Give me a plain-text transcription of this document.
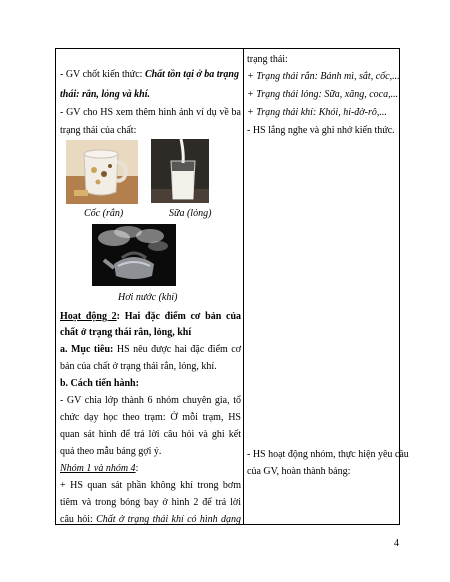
- GV chốt kiến thức: Chất tồn tại ở ba trạng
thái: rắn, lỏng và khí.
- GV cho HS xem thêm hình ảnh ví dụ về ba
trạng thái của chất:
Cốc (rắn)	Sữa (lỏng)
Hơi nước (khí)
Hoạt động 2: Hai đặc điểm cơ bản của
chất ở trạng thái rắn, lỏng, khí
a. Mục tiêu: HS nêu được hai đặc điểm cơ
bản của chất ở trạng thái rắn, lỏng, khí.
b. Cách tiến hành:
- GV chia lớp thành 6 nhóm chuyên gia, tổ
chức dạy học theo trạm: Ở mỗi trạm, HS
quan sát hình để trả lời câu hỏi và ghi kết
quả theo mẫu bảng gợi ý.
Nhóm 1 và nhóm 4:
+ HS quan sát phần không khí trong bơm
tiêm và trong bóng bay ở hình 2 để trả lời
câu hỏi: Chất ở trạng thái khí có hình dạng
trạng thái:
+ Trạng thái rắn: Bánh mì, sắt, cốc,...
+ Trạng thái lỏng: Sữa, xăng, coca,...
+ Trạng thái khí: Khói, hi-đờ-rô,...
- HS lắng nghe và ghi nhớ kiến thức.
- HS hoạt động nhóm, thực hiện yêu cầu
của GV, hoàn thành bảng:
4
